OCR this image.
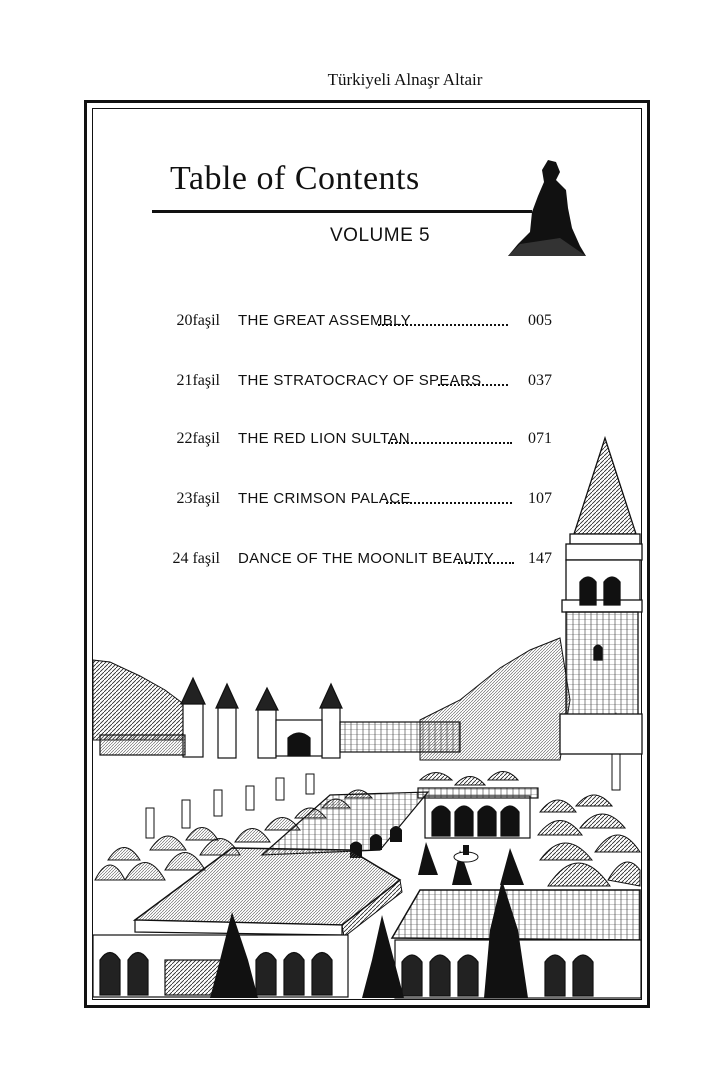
Türkiyeli Alnaşr Altair
Table of Contents
VOLUME 5
20faşil THE GREAT ASSEMBLY	005
21faşil THE STRATOCRACY OF SPEARS	037
22faşil THE RED LION SULTAN	071
23faşil THE CRIMSON PALACE	107
24 faşil DANCE OF THE MOONLIT BEAUTY 147
